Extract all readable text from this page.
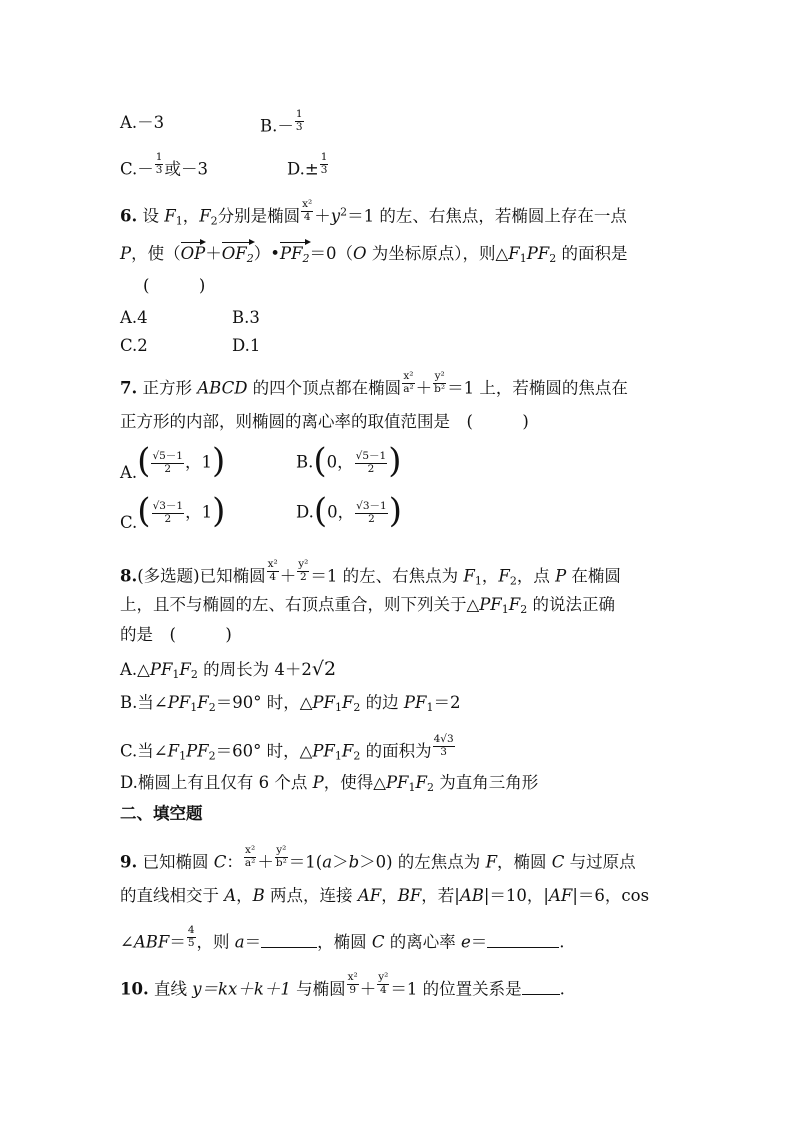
A.－3	$B.- \frac{1}{3}$
$C.- \frac{1}{3}$ 或－3	$D.\pm \frac{1}{3}$
6. 设 $F_1$，$F_2$分别是椭圆 $\frac{\text{x²}}{4} +y^2=1$ 的左、右焦点，若椭圆上存在一点
P，使$(OP+OF_2)•PF_2=0(O$ 为坐标原点），则$\triangle F_1PF_2$ 的面积是
(　　　)
A.4	B.3
C.2	D.1
7. 正方形 ABCD 的四个顶点都在椭圆 $\frac{\text{x²}}{\text{a²}} + \frac{\text{y²}}{\text{b²}} =1$ 上，若椭圆的焦点在
正方形的内部，则椭圆的离心率的取值范围是　(　　　)
$A.( \frac{√5-1}{2}$ ，1)	B.(0， $\frac{√5-1}{2}$ )
$C.( \frac{√3-1}{2}$ ，1)	D.(0， $\frac{√3-1}{2}$ )
8.(多选题)已知椭圆 $\frac{\text{x²}}{4} + \frac{\text{y²}}{2} =1$ 的左、右焦点为 $F_1$，$F_2$，点 P 在椭圆
上，且不与椭圆的左、右顶点重合，则下列关于$\triangle PF_1F_2$ 的说法正确
的是　(　　　)
$A.\triangle PF_1F_2$ 的周长为 4＋2√2
B.当$\angle PF_1F_2=90^\circ$ 时，$\triangle PF_1F_2$ 的边 $PF_1=2$
C.当$\angle F_1PF_2=60^\circ$ 时，$\triangle PF_1F_2$ 的面积为 $\frac{4√3}{3}$
D.椭圆上有且仅有 6 个点 P，使得$\triangle PF_1F_2$ 为直角三角形
二、填空题
9. 已知椭圆 C： $\frac{\text{x²}}{\text{a²}} + \frac{\text{y²}}{\text{b²}} =1(a>b>0)$ 的左焦点为 F，椭圆 C 与过原点
的直线相交于 A，B 两点，连接 AF，BF，若|AB|＝10，|AF|＝6，cos
∠ABF＝ $\frac{4}{5}$ ，则 a＝	，椭圆 C 的离心率 e＝	.
10. 直线 y＝kx＋k＋1 与椭圆 $\frac{\text{x²}}{9} + \frac{\text{y²}}{4} =1$ 的位置关系是 .
